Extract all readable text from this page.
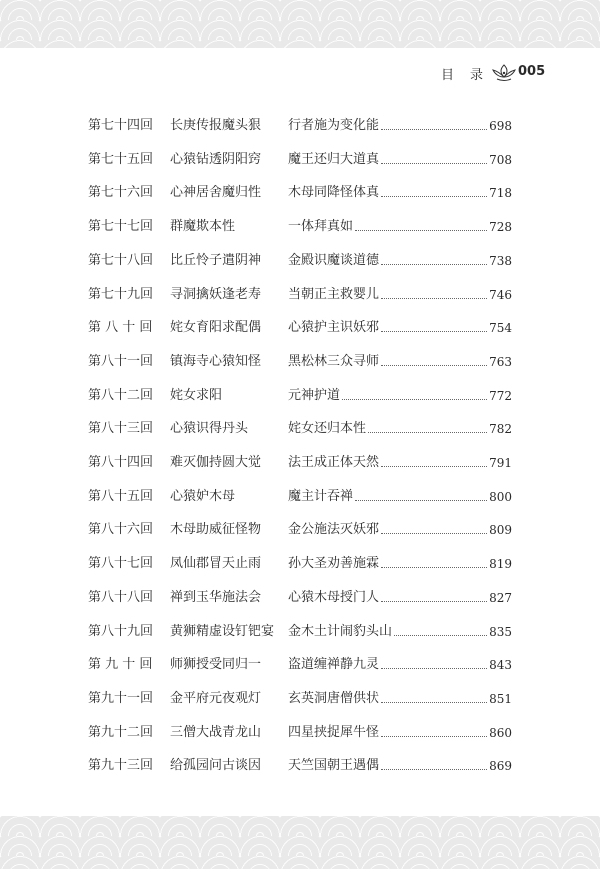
目 录	005
第七十四回 长庚传报魔头狠 行者施为变化能	698
第七十五回 心猿钻透阴阳窍 魔王还归大道真	708
第七十六回 心神居舍魔归性 木母同降怪体真	718
第七十七回 群魔欺本性	一体拜真如	728
第七十八回 比丘怜子遣阴神 金殿识魔谈道德	738
第七十九回 寻洞擒妖逢老寿 当朝正主救婴儿	746
第 八 十 回 姹女育阳求配偶 心猿护主识妖邪	754
第八十一回 镇海寺心猿知怪 黑松林三众寻师	763
第八十二回 姹女求阳	元神护道	772
第八十三回 心猿识得丹头	姹女还归本性	782
第八十四回 难灭伽持圆大觉 法王成正体天然	791
第八十五回 心猿妒木母	魔主计吞禅	800
第八十六回 木母助威征怪物 金公施法灭妖邪	809
第八十七回 凤仙郡冒天止雨 孙大圣劝善施霖	819
第八十八回 禅到玉华施法会 心猿木母授门人	827
第八十九回 黄狮精虚设钉钯宴 金木土计闹豹头山	835
第 九 十 回 师狮授受同归一 盗道缠禅静九灵	843
第九十一回 金平府元夜观灯 玄英洞唐僧供状	851
第九十二回 三僧大战青龙山 四星挟捉犀牛怪	860
第九十三回 给孤园问古谈因 天竺国朝王遇偶	869
